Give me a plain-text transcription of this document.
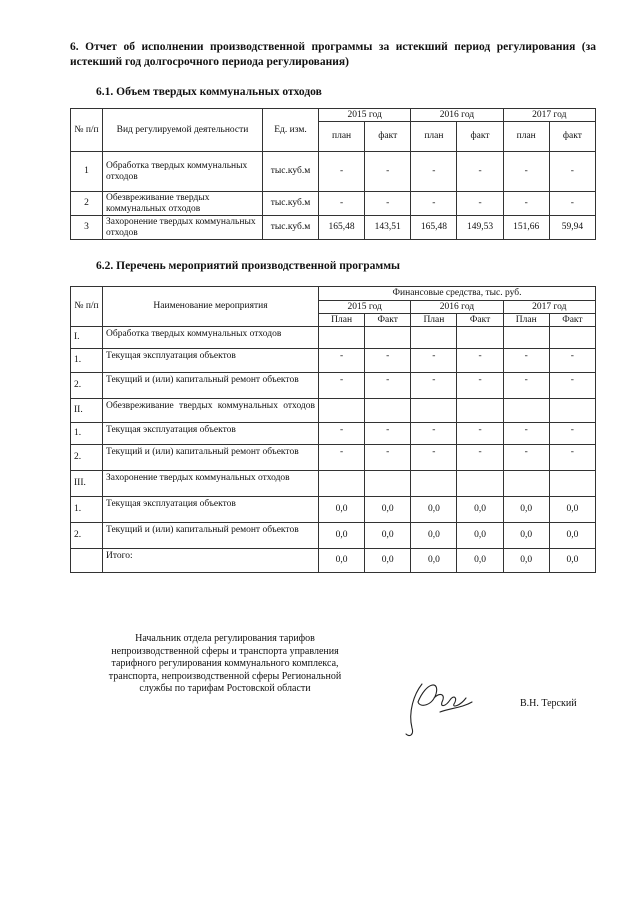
6. Отчет об исполнении производственной программы за истекший период регулирования (за истекший год долгосрочного периода регулирования)
6.1. Объем твердых коммунальных отходов
№ п/п	Вид регулируемой деятельности	Ед. изм.	2015 год		2016 год		2017 год	
			план	факт	план	факт	план	факт
1	Обработка твердых коммунальных отходов	тыс.куб.м	-	-	-	-	-	-
2	Обезвреживание твердых коммунальных отходов	тыс.куб.м	-	-	-	-	-	-
3	Захоронение твердых коммунальных отходов	тыс.куб.м	165,48	143,51	165,48	149,53	151,66	59,94
6.2. Перечень мероприятий производственной программы
№ п/п	Наименование мероприятия	Финансовые средства, тыс. руб.					
		2015 год		2016 год		2017 год	
		План	Факт	План	Факт	План	Факт
I.	Обработка твердых коммунальных отходов						
1.	Текущая эксплуатация объектов	-	-	-	-	-	-
2.	Текущий и (или) капитальный ремонт объектов	-	-	-	-	-	-
II.	Обезвреживание твердых коммунальных отходов						
1.	Текущая эксплуатация объектов	-	-	-	-	-	-
2.	Текущий и (или) капитальный ремонт объектов	-	-	-	-	-	-
III.	Захоронение твердых коммунальных отходов						
1.	Текущая эксплуатация объектов	0,0	0,0	0,0	0,0	0,0	0,0
2.	Текущий и (или) капитальный ремонт объектов	0,0	0,0	0,0	0,0	0,0	0,0
	Итого:	0,0	0,0	0,0	0,0	0,0	0,0
Начальник отдела регулирования тарифов
непроизводственной сферы и транспорта управления
тарифного регулирования коммунального комплекса,
транспорта, непроизводственной сферы Региональной
службы по тарифам Ростовской области
В.Н. Терский
